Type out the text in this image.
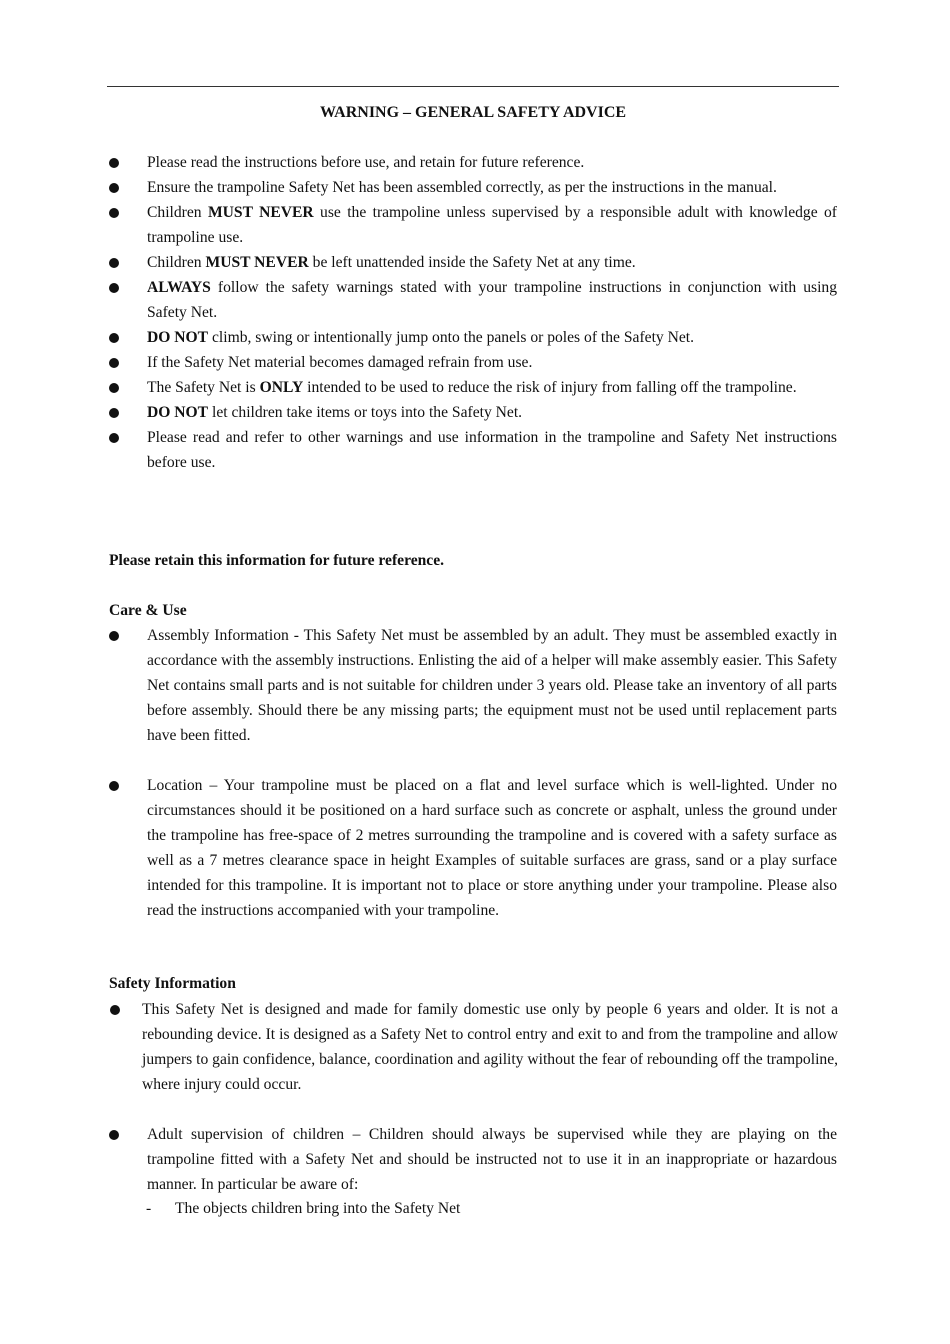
WARNING – GENERAL SAFETY ADVICE
Please read the instructions before use, and retain for future reference.
Ensure the trampoline Safety Net has been assembled correctly, as per the instructions in the manual.
Children MUST NEVER use the trampoline unless supervised by a responsible adult with knowledge of trampoline use.
Children MUST NEVER be left unattended inside the Safety Net at any time.
ALWAYS follow the safety warnings stated with your trampoline instructions in conjunction with using Safety Net.
DO NOT climb, swing or intentionally jump onto the panels or poles of the Safety Net.
If the Safety Net material becomes damaged refrain from use.
The Safety Net is ONLY intended to be used to reduce the risk of injury from falling off the trampoline.
DO NOT let children take items or toys into the Safety Net.
Please read and refer to other warnings and use information in the trampoline and Safety Net instructions before use.
Please retain this information for future reference.
Care & Use
Assembly Information - This Safety Net must be assembled by an adult. They must be assembled exactly in accordance with the assembly instructions. Enlisting the aid of a helper will make assembly easier. This Safety Net contains small parts and is not suitable for children under 3 years old. Please take an inventory of all parts before assembly. Should there be any missing parts; the equipment must not be used until replacement parts have been fitted.
Location – Your trampoline must be placed on a flat and level surface which is well-lighted. Under no circumstances should it be positioned on a hard surface such as concrete or asphalt, unless the ground under the trampoline has free-space of 2 metres surrounding the trampoline and is covered with a safety surface as well as a 7 metres clearance space in height Examples of suitable surfaces are grass, sand or a play surface intended for this trampoline. It is important not to place or store anything under your trampoline. Please also read the instructions accompanied with your trampoline.
Safety Information
This Safety Net is designed and made for family domestic use only by people 6 years and older. It is not a rebounding device. It is designed as a Safety Net to control entry and exit to and from the trampoline and allow jumpers to gain confidence, balance, coordination and agility without the fear of rebounding off the trampoline, where injury could occur.
Adult supervision of children – Children should always be supervised while they are playing on the trampoline fitted with a Safety Net and should be instructed not to use it in an inappropriate or hazardous manner. In particular be aware of:
- The objects children bring into the Safety Net
